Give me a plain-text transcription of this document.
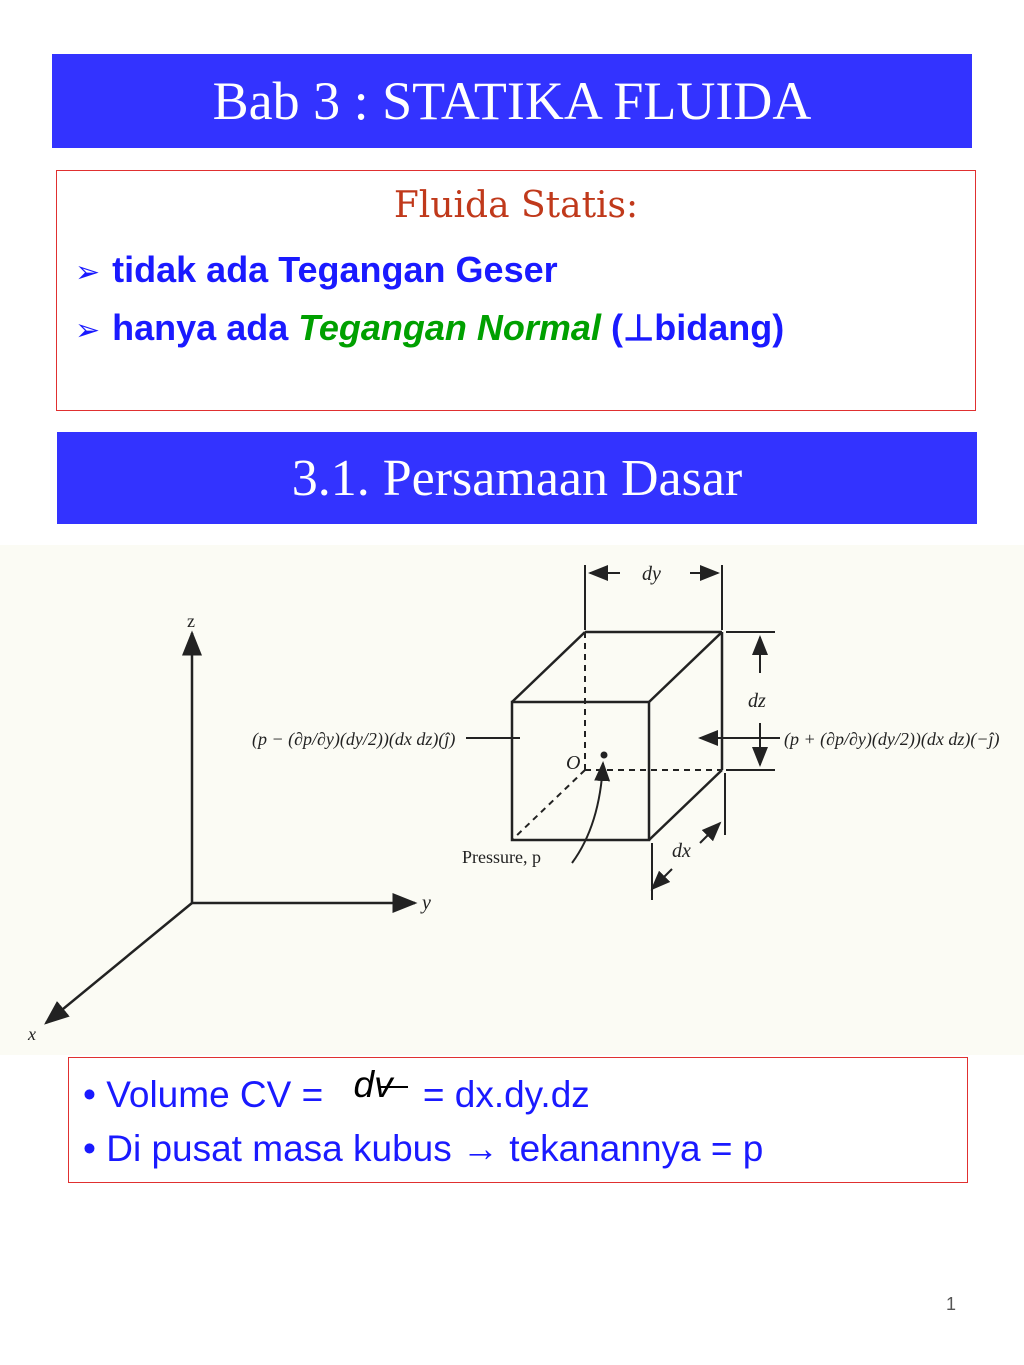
Bab 3 : STATIKA FLUIDA
Fluida Statis:
➢ tidak ada Tegangan Geser
➢ hanya ada Tegangan Normal (⊥bidang)
3.1. Persamaan Dasar
z
y
x
dy
dz
dx
O
Pressure, p
(p − (∂p/∂y)(dy/2))(dx dz)(ĵ)	(p + (∂p/∂y)(dy/2))(dx dz)(−ĵ)
• Volume CV = dv
= dx.dy.dz
• Di pusat masa kubus → tekanannya = p
1
